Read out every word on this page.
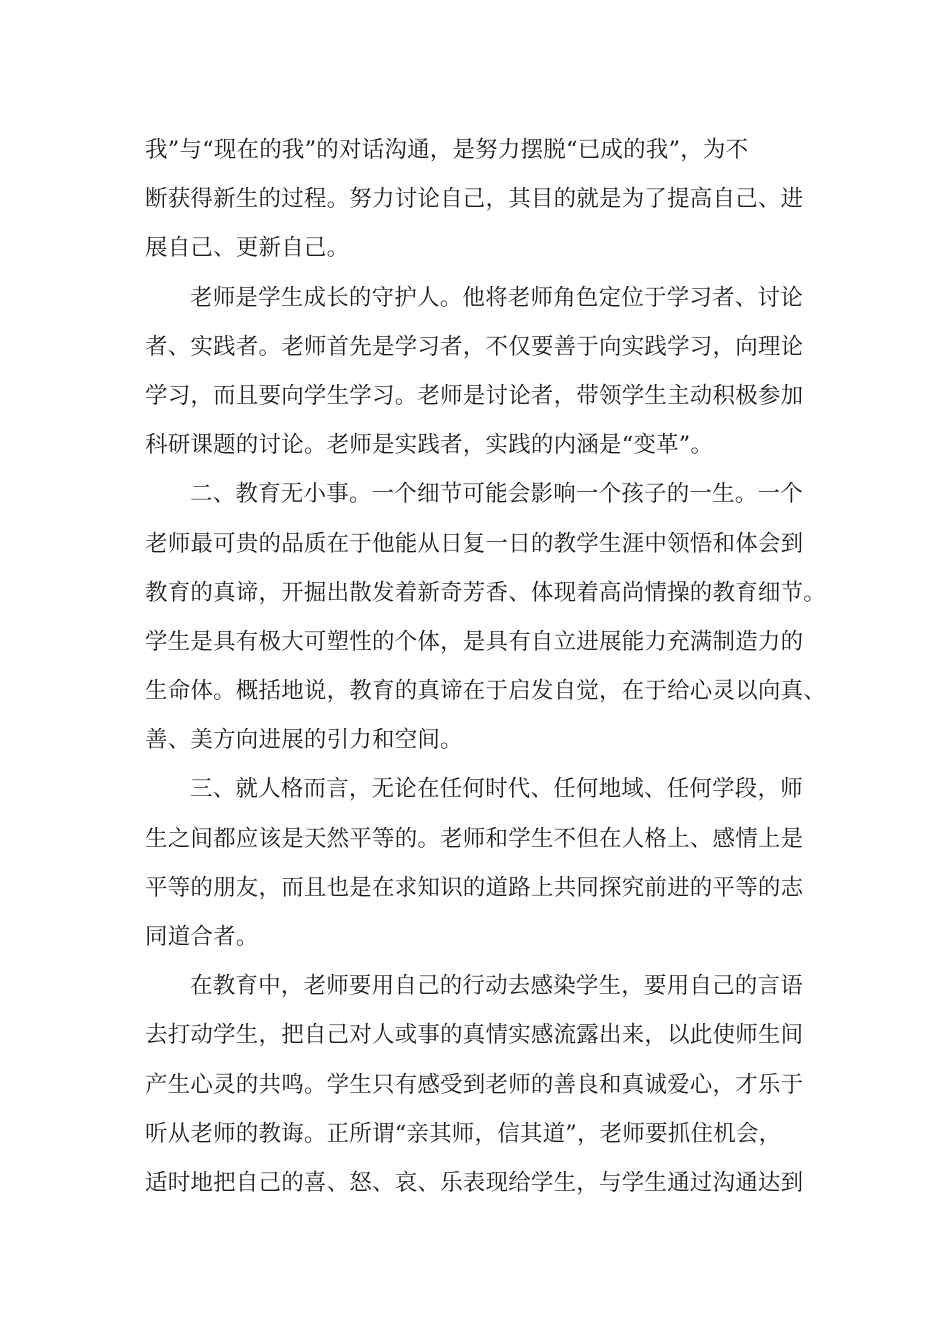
我”与“现在的我”的对话沟通，是努力摆脱“已成的我”，为不
断获得新生的过程。努力讨论自己，其目的就是为了提高自己、进
展自己、更新自己。
老师是学生成长的守护人。他将老师角色定位于学习者、讨论
者、实践者。老师首先是学习者，不仅要善于向实践学习，向理论
学习，而且要向学生学习。老师是讨论者，带领学生主动积极参加
科研课题的讨论。老师是实践者，实践的内涵是“变革”。
二、教育无小事。一个细节可能会影响一个孩子的一生。一个
老师最可贵的品质在于他能从日复一日的教学生涯中领悟和体会到
教育的真谛，开掘出散发着新奇芳香、体现着高尚情操的教育细节。
学生是具有极大可塑性的个体，是具有自立进展能力充满制造力的
生命体。概括地说，教育的真谛在于启发自觉，在于给心灵以向真、
善、美方向进展的引力和空间。
三、就人格而言，无论在任何时代、任何地域、任何学段，师
生之间都应该是天然平等的。老师和学生不但在人格上、感情上是
平等的朋友，而且也是在求知识的道路上共同探究前进的平等的志
同道合者。
在教育中，老师要用自己的行动去感染学生，要用自己的言语
去打动学生，把自己对人或事的真情实感流露出来，以此使师生间
产生心灵的共鸣。学生只有感受到老师的善良和真诚爱心，才乐于
听从老师的教诲。正所谓“亲其师，信其道”，老师要抓住机会，
适时地把自己的喜、怒、哀、乐表现给学生，与学生通过沟通达到
